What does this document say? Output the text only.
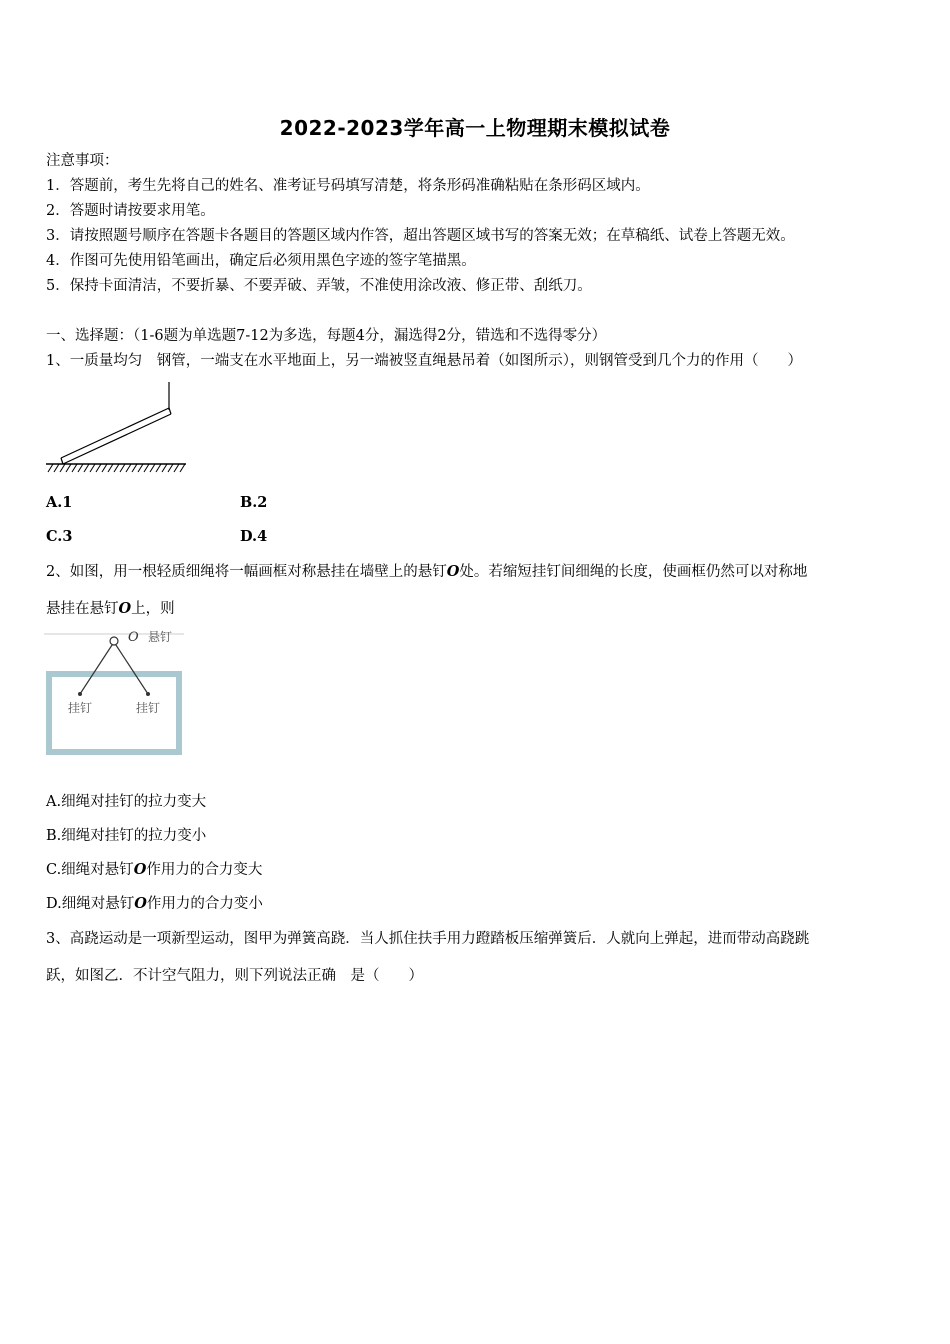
2022-2023学年高一上物理期末模拟试卷
注意事项：
1．答题前，考生先将自己的姓名、准考证号码填写清楚，将条形码准确粘贴在条形码区域内。
2．答题时请按要求用笔。
3．请按照题号顺序在答题卡各题目的答题区域内作答，超出答题区域书写的答案无效；在草稿纸、试卷上答题无效。
4．作图可先使用铅笔画出，确定后必须用黑色字迹的签字笔描黑。
5．保持卡面清洁，不要折暴、不要弄破、弄皱，不准使用涂改液、修正带、刮纸刀。
一、选择题：（1-6题为单选题7-12为多选，每题4分，漏选得2分，错选和不选得零分）
1、一质量均匀　钢管，一端支在水平地面上，另一端被竖直绳悬吊着（如图所示），则钢管受到几个力的作用（　　）
A.1	B.2
C.3	D.4
2、如图，用一根轻质细绳将一幅画框对称悬挂在墙壁上的悬钉O处。若缩短挂钉间细绳的长度，使画框仍然可以对称地
悬挂在悬钉O上，则
O 悬钉
挂钉	挂钉
A.细绳对挂钉的拉力变大
B.细绳对挂钉的拉力变小
C.细绳对悬钉O作用力的合力变大
D.细绳对悬钉O作用力的合力变小
3、高跷运动是一项新型运动，图甲为弹簧高跷．当人抓住扶手用力蹬踏板压缩弹簧后．人就向上弹起，进而带动高跷跳
跃，如图乙．不计空气阻力，则下列说法正确　是（　　）
